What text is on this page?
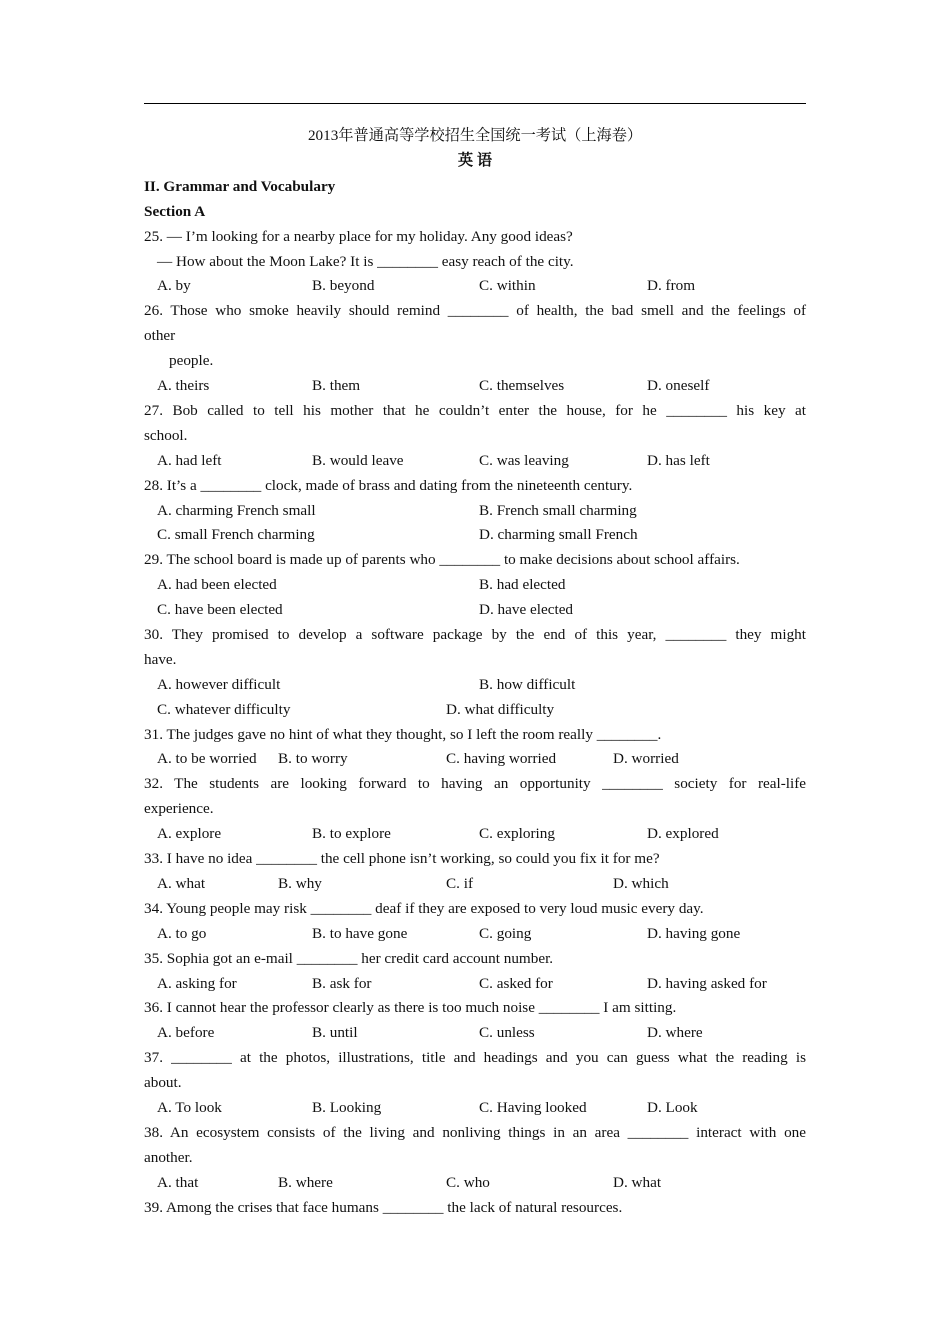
2013年普通高等学校招生全国统一考试（上海卷）
英 语
II. Grammar and Vocabulary
Section A
25. — I’m looking for a nearby place for my holiday. Any good ideas?
— How about the Moon Lake? It is ________ easy reach of the city.
A. by	B. beyond	C. within	D. from
26. Those who smoke heavily should remind ________ of health, the bad smell and the feelings of
other
people.
A. theirs	B. them	C. themselves	D. oneself
27. Bob called to tell his mother that he couldn’t enter the house, for he ________ his key at
school.
A. had left	B. would leave	C. was leaving	D. has left
28. It’s a ________ clock, made of brass and dating from the nineteenth century.
A. charming French small	B. French small charming
C. small French charming	D. charming small French
29. The school board is made up of parents who ________ to make decisions about school affairs.
A. had been elected	B. had elected
C. have been elected	D. have elected
30. They promised to develop a software package by the end of this year, ________ they might
have.
A. however difficult	B. how difficult
C. whatever difficulty	D. what difficulty
31. The judges gave no hint of what they thought, so I left the room really ________.
A. to be worried B. to worry	C. having worried	D. worried
32. The students are looking forward to having an opportunity ________ society for real-life
experience.
A. explore	B. to explore	C. exploring	D. explored
33. I have no idea ________ the cell phone isn’t working, so could you fix it for me?
A. what	B. why	C. if	D. which
34. Young people may risk ________ deaf if they are exposed to very loud music every day.
A. to go	B. to have gone	C. going	D. having gone
35. Sophia got an e-mail ________ her credit card account number.
A. asking for	B. ask for	C. asked for	D. having asked for
36. I cannot hear the professor clearly as there is too much noise ________ I am sitting.
A. before	B. until	C. unless	D. where
37. ________ at the photos, illustrations, title and headings and you can guess what the reading is
about.
A. To look	B. Looking	C. Having looked	D. Look
38. An ecosystem consists of the living and nonliving things in an area ________ interact with one
another.
A. that	B. where	C. who	D. what
39. Among the crises that face humans ________ the lack of natural resources.
